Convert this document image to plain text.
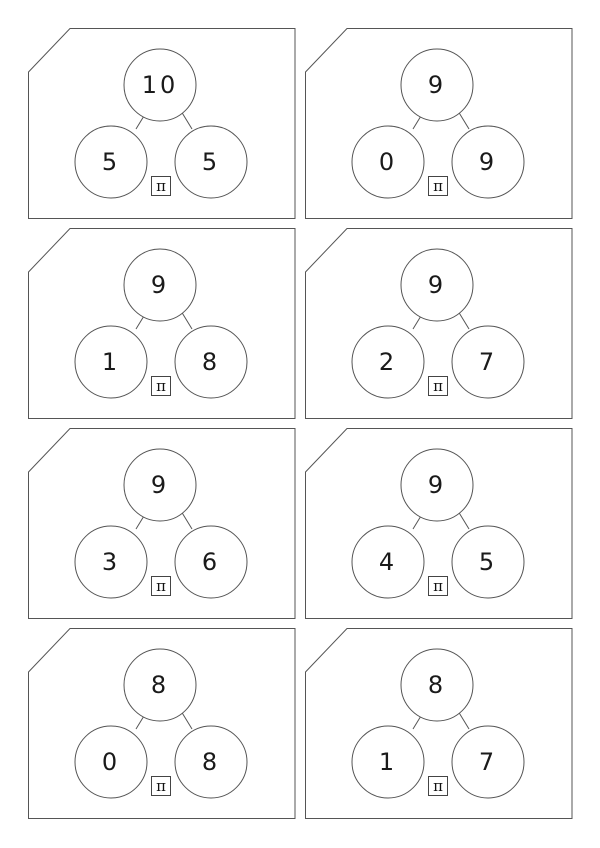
10
5	5
π
9
0	9
π
9
1	8
π
9
2	7
π
9
3	6
π
9
4	5
π
8
0	8
π
8
1	7
π
